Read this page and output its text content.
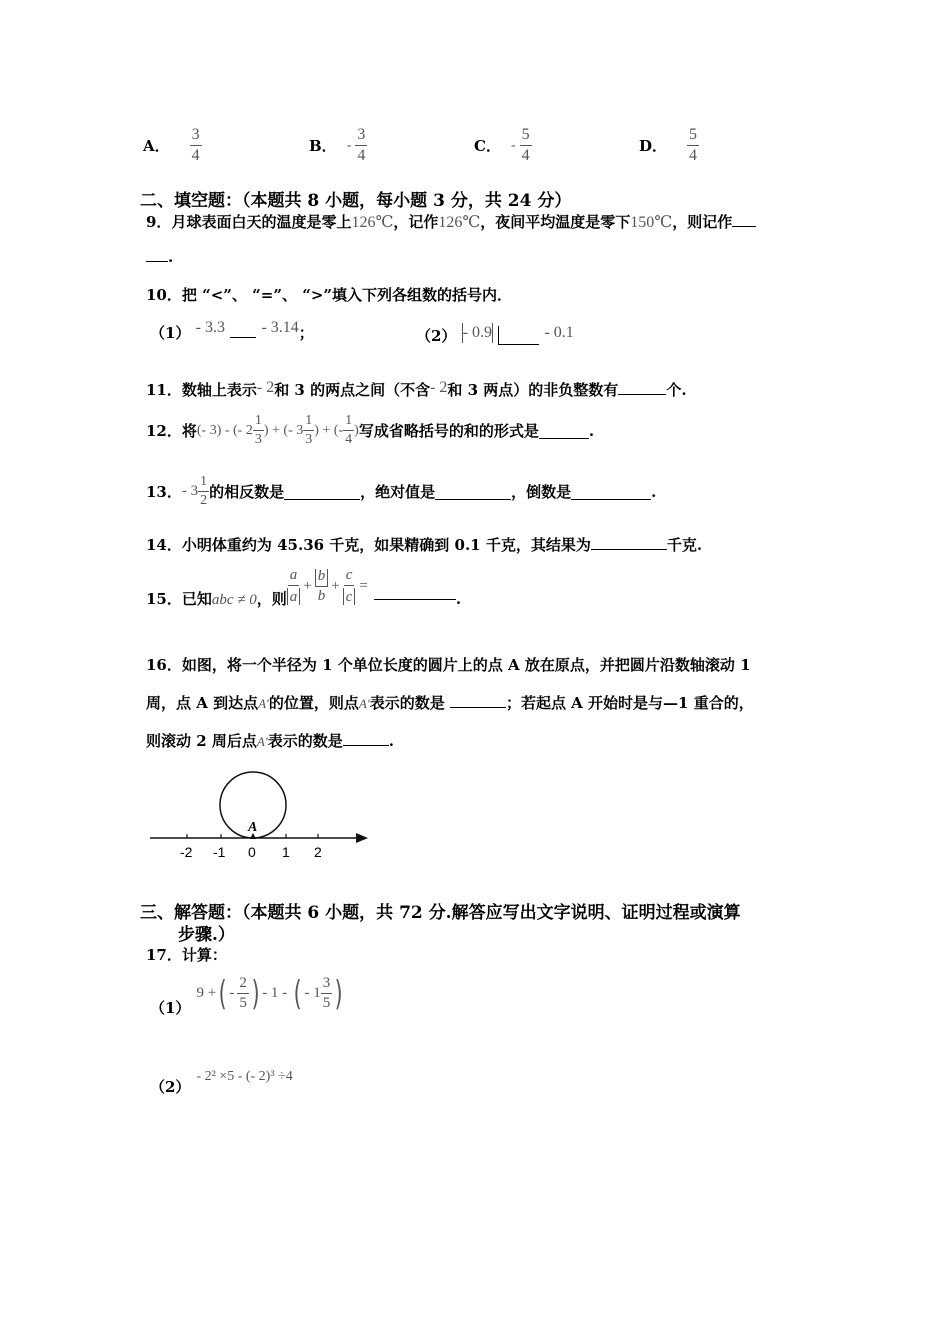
A． $\frac{3}{4}$	B． - $\frac{3}{4}$	C． - $\frac{5}{4}$	D． $\frac{5}{4}$
二、填空题：（本题共 8 小题，每小题 3 分，共 24 分）
9．月球表面白天的温度是零上126℃，记作126℃，夜间平均温度是零下150℃，则记作
.
10．把 “<”、 “=”、 “>”填入下列各组数的括号内．
（1） - 3.3 - 3.14；	（2） - 0.9	- 0.1
11．数轴上表示- 2和 3 的两点之间（不含- 2和 3 两点）的非负整数有	个.
12．将 (- 3) - (- $2 \frac{1}{3}$ ) + (- $3 \frac{1}{3}$ ) + (- $\frac{1}{4}$ ) 写成省略括号的和的形式是	.
13． - $3 \frac{1}{2}$ 的相反数是	，绝对值是	，倒数是	.
14．小明体重约为 45.36 千克，如果精确到 0.1 千克，其结果为	千克.
15．已知 abc ≠ 0 ，则 $\frac{a}{a} + \frac{b}{b} + \frac{c}{c}$ =
.
16．如图，将一个半径为 1 个单位长度的圆片上的点 A 放在原点，并把圆片沿数轴滚动 1
周，点 A 到达点A′的位置，则点A′表示的数是	；若起点 A 开始时是与—1 重合的，
则滚动 2 周后点A′表示的数是	.
A
-2 -1 0 1 2
三、解答题：（本题共 6 小题，共 72 分.解答应写出文字说明、证明过程或演算
步骤.）
17．计算：
（1）
9 + ( - $\frac{2}{5}$ ) - 1 - ( - $1 \frac{3}{5}$ )
（2）
- 2² ×5 - (- 2)³ ÷4
